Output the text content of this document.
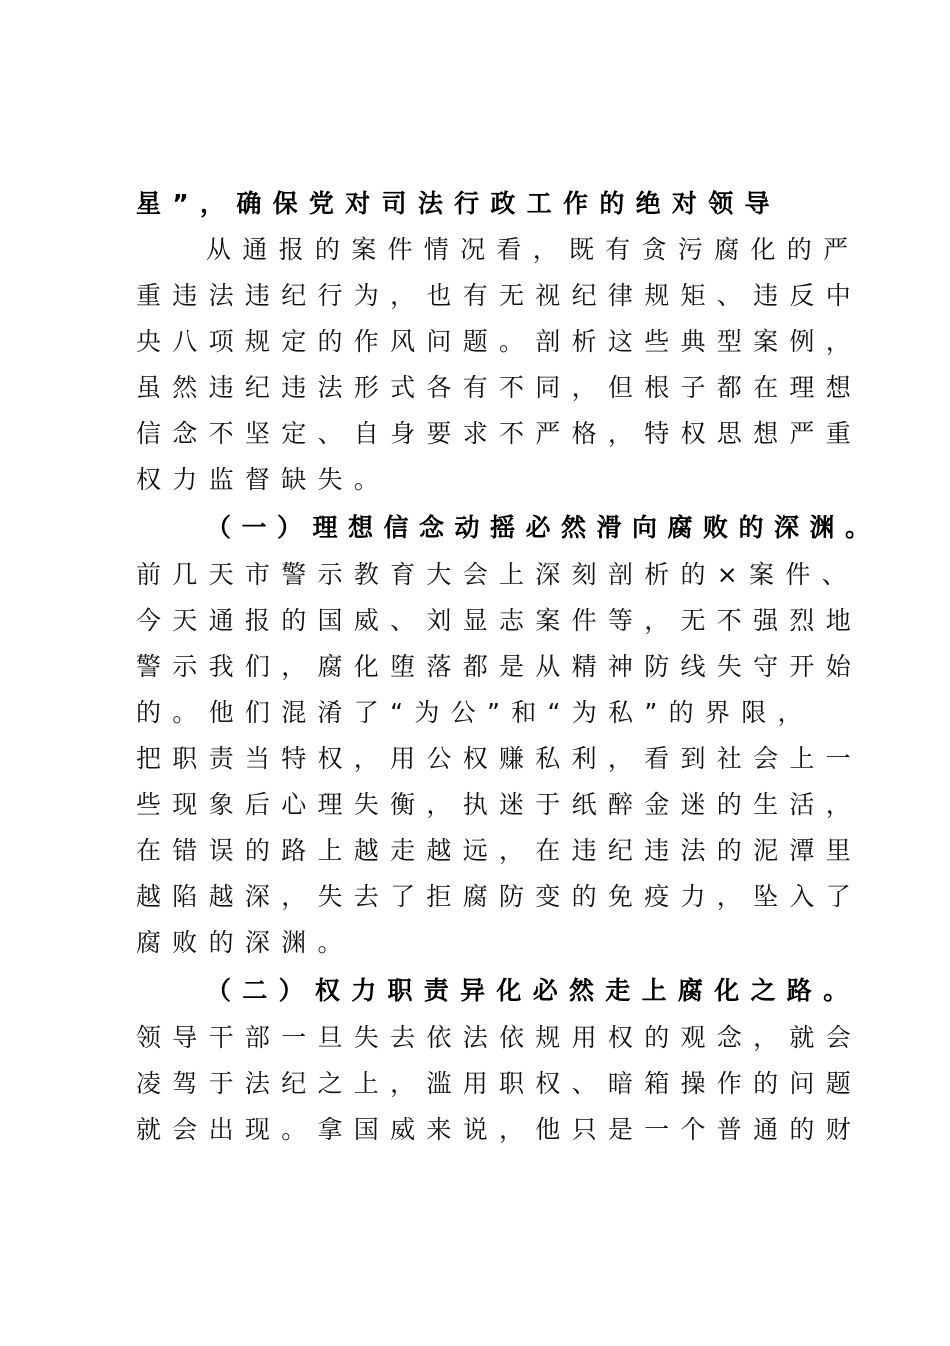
星”，确保党对司法行政工作的绝对领导
从通报的案件情况看，既有贪污腐化的严
重违法违纪行为，也有无视纪律规矩、违反中
央八项规定的作风问题。剖析这些典型案例，
虽然违纪违法形式各有不同，但根子都在理想
信念不坚定、自身要求不严格，特权思想严重
权力监督缺失。
（一）理想信念动摇必然滑向腐败的深渊。
前几天市警示教育大会上深刻剖析的×案件、
今天通报的国威、刘显志案件等，无不强烈地
警示我们，腐化堕落都是从精神防线失守开始
的。他们混淆了“为公”和“为私”的界限，
把职责当特权，用公权赚私利，看到社会上一
些现象后心理失衡，执迷于纸醉金迷的生活，
在错误的路上越走越远，在违纪违法的泥潭里
越陷越深，失去了拒腐防变的免疫力，坠入了
腐败的深渊。
（二）权力职责异化必然走上腐化之路。
领导干部一旦失去依法依规用权的观念，就会
凌驾于法纪之上，滥用职权、暗箱操作的问题
就会出现。拿国威来说，他只是一个普通的财
